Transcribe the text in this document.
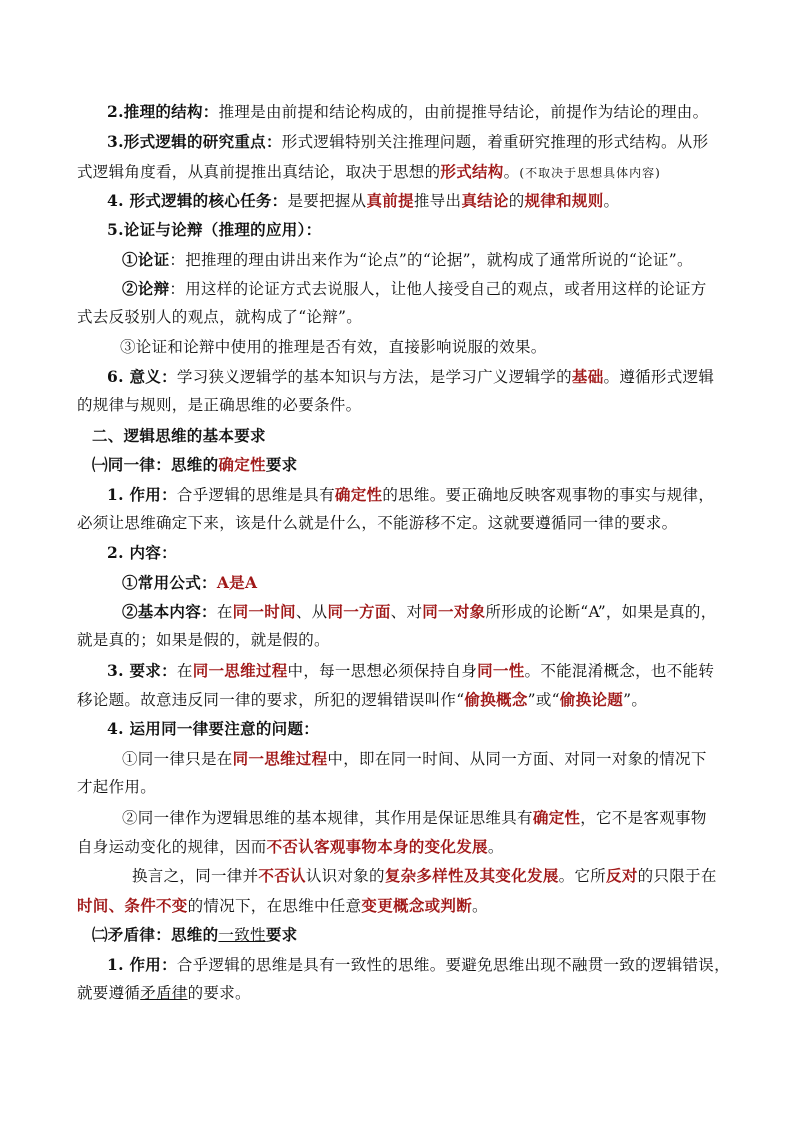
2.推理的结构：推理是由前提和结论构成的，由前提推导结论，前提作为结论的理由。
3.形式逻辑的研究重点：形式逻辑特别关注推理问题，着重研究推理的形式结构。从形
式逻辑角度看，从真前提推出真结论，取决于思想的形式结构。(不取决于思想具体内容)
4. 形式逻辑的核心任务：是要把握从真前提推导出真结论的规律和规则。
5.论证与论辩（推理的应用）：
①论证：把推理的理由讲出来作为“论点”的“论据”，就构成了通常所说的“论证”。
②论辩：用这样的论证方式去说服人，让他人接受自己的观点，或者用这样的论证方
式去反驳别人的观点，就构成了“论辩”。
③论证和论辩中使用的推理是否有效，直接影响说服的效果。
6. 意义：学习狭义逻辑学的基本知识与方法，是学习广义逻辑学的基础。遵循形式逻辑
的规律与规则，是正确思维的必要条件。
二、逻辑思维的基本要求
㈠同一律：思维的确定性要求
1. 作用：合乎逻辑的思维是具有确定性的思维。要正确地反映客观事物的事实与规律，
必须让思维确定下来，该是什么就是什么，不能游移不定。这就要遵循同一律的要求。
2. 内容：
①常用公式：A是A
②基本内容：在同一时间、从同一方面、对同一对象所形成的论断“A”，如果是真的，
就是真的；如果是假的，就是假的。
3. 要求：在同一思维过程中，每一思想必须保持自身同一性。不能混淆概念，也不能转
移论题。故意违反同一律的要求，所犯的逻辑错误叫作“偷换概念”或“偷换论题”。
4. 运用同一律要注意的问题：
①同一律只是在同一思维过程中，即在同一时间、从同一方面、对同一对象的情况下
才起作用。
②同一律作为逻辑思维的基本规律，其作用是保证思维具有确定性，它不是客观事物
自身运动变化的规律，因而不否认客观事物本身的变化发展。
换言之，同一律并不否认认识对象的复杂多样性及其变化发展。它所反对的只限于在
时间、条件不变的情况下，在思维中任意变更概念或判断。
㈡矛盾律：思维的一致性要求
1. 作用：合乎逻辑的思维是具有一致性的思维。要避免思维出现不融贯一致的逻辑错误，
就要遵循矛盾律的要求。
